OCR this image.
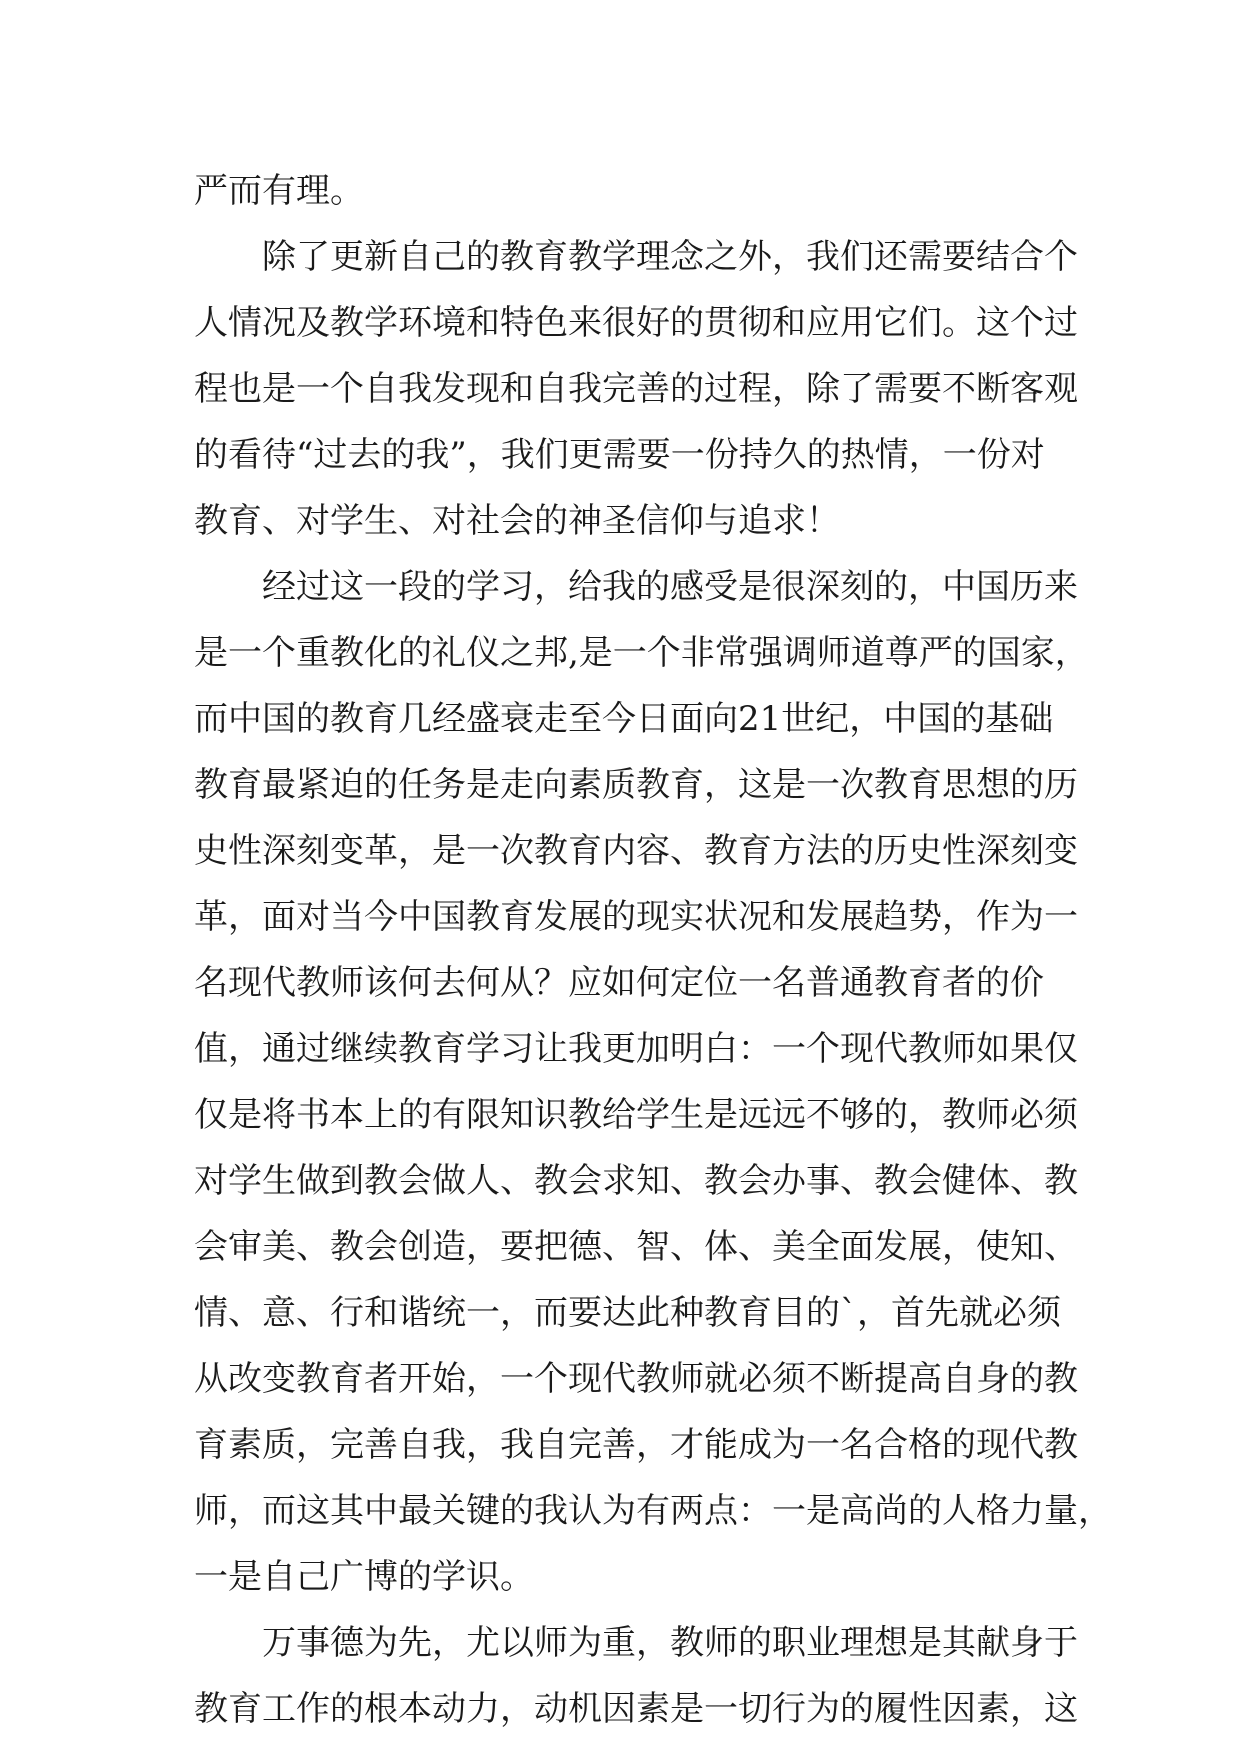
严而有理。
　　除了更新自己的教育教学理念之外，我们还需要结合个
人情况及教学环境和特色来很好的贯彻和应用它们。这个过
程也是一个自我发现和自我完善的过程，除了需要不断客观
的看待“过去的我”，我们更需要一份持久的热情，一份对
教育、对学生、对社会的神圣信仰与追求！
　　经过这一段的学习，给我的感受是很深刻的，中国历来
是一个重教化的礼仪之邦,是一个非常强调师道尊严的国家，
而中国的教育几经盛衰走至今日面向21世纪，中国的基础
教育最紧迫的任务是走向素质教育，这是一次教育思想的历
史性深刻变革，是一次教育内容、教育方法的历史性深刻变
革，面对当今中国教育发展的现实状况和发展趋势，作为一
名现代教师该何去何从？应如何定位一名普通教育者的价
值，通过继续教育学习让我更加明白：一个现代教师如果仅
仅是将书本上的有限知识教给学生是远远不够的，教师必须
对学生做到教会做人、教会求知、教会办事、教会健体、教
会审美、教会创造，要把德、智、体、美全面发展，使知、
情、意、行和谐统一，而要达此种教育目的`，首先就必须
从改变教育者开始，一个现代教师就必须不断提高自身的教
育素质，完善自我，我自完善，才能成为一名合格的现代教
师，而这其中最关键的我认为有两点：一是高尚的人格力量，
一是自己广博的学识。
　　万事德为先，尤以师为重，教师的职业理想是其献身于
教育工作的根本动力，动机因素是一切行为的履性因素，这
